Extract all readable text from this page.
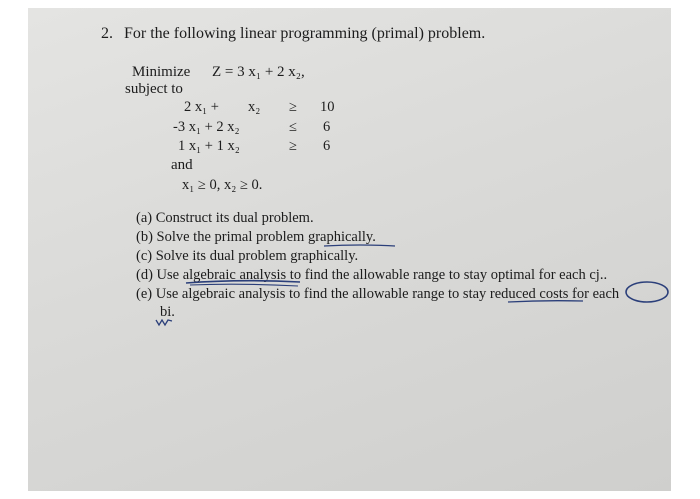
2. For the following linear programming (primal) problem.
Minimize Z = 3 x₁ + 2 x₂,
subject to
2 x₁ + x₂ ≥ 10
-3 x₁ + 2 x₂	≤ 6
1 x₁ + 1 x₂	≥ 6
and
x₁ ≥ 0, x₂ ≥ 0.
(a) Construct its dual problem.
(b) Solve the primal problem graphically.
(c) Solve its dual problem graphically.
(d) Use algebraic analysis to find the allowable range to stay optimal for each cj..
(e) Use algebraic analysis to find the allowable range to stay reduced costs for each
bi.
